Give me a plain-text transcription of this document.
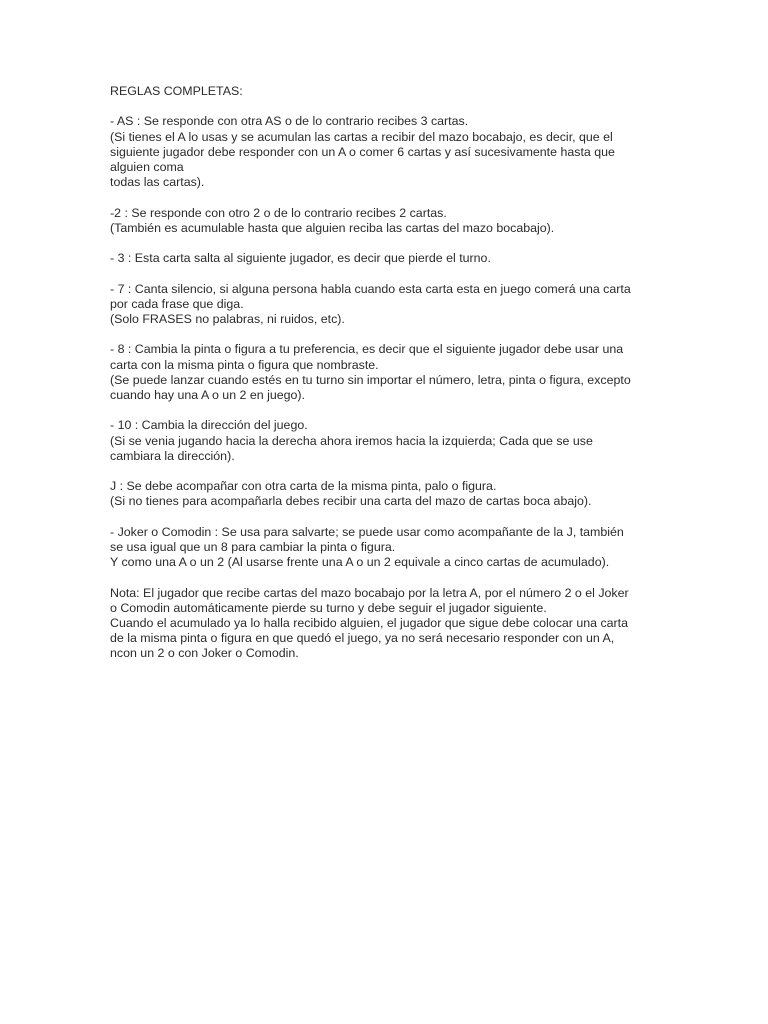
REGLAS COMPLETAS:

- AS : Se responde con otra AS o de lo contrario recibes 3 cartas.
(Si tienes el A lo usas y se acumulan las cartas a recibir del mazo bocabajo, es decir, que el
siguiente jugador debe responder con un A o comer 6 cartas y así sucesivamente hasta que
alguien coma
todas las cartas).

-2 : Se responde con otro 2 o de lo contrario recibes 2 cartas.
(También es acumulable hasta que alguien reciba las cartas del mazo bocabajo).

- 3 : Esta carta salta al siguiente jugador, es decir que pierde el turno.

- 7 : Canta silencio, si alguna persona habla cuando esta carta esta en juego comerá una carta
por cada frase que diga.
(Solo FRASES no palabras, ni ruidos, etc).

- 8 : Cambia la pinta o figura a tu preferencia, es decir que el siguiente jugador debe usar una
carta con la misma pinta o figura que nombraste.
(Se puede lanzar cuando estés en tu turno sin importar el número, letra, pinta o figura, excepto
cuando hay una A o un 2 en juego).

- 10 : Cambia la dirección del juego.
(Si se venia jugando hacia la derecha ahora iremos hacia la izquierda; Cada que se use
cambiara la dirección).

J : Se debe acompañar con otra carta de la misma pinta, palo o figura.
(Si no tienes para acompañarla debes recibir una carta del mazo de cartas boca abajo).

- Joker o Comodin : Se usa para salvarte; se puede usar como acompañante de la J, también
se usa igual que un 8 para cambiar la pinta o figura.
Y como una A o un 2 (Al usarse frente una A o un 2 equivale a cinco cartas de acumulado).

Nota: El jugador que recibe cartas del mazo bocabajo por la letra A, por el número 2 o el Joker
o Comodin automáticamente pierde su turno y debe seguir el jugador siguiente.
Cuando el acumulado ya lo halla recibido alguien, el jugador que sigue debe colocar una carta
de la misma pinta o figura en que quedó el juego, ya no será necesario responder con un A,
ncon un 2 o con Joker o Comodin.
